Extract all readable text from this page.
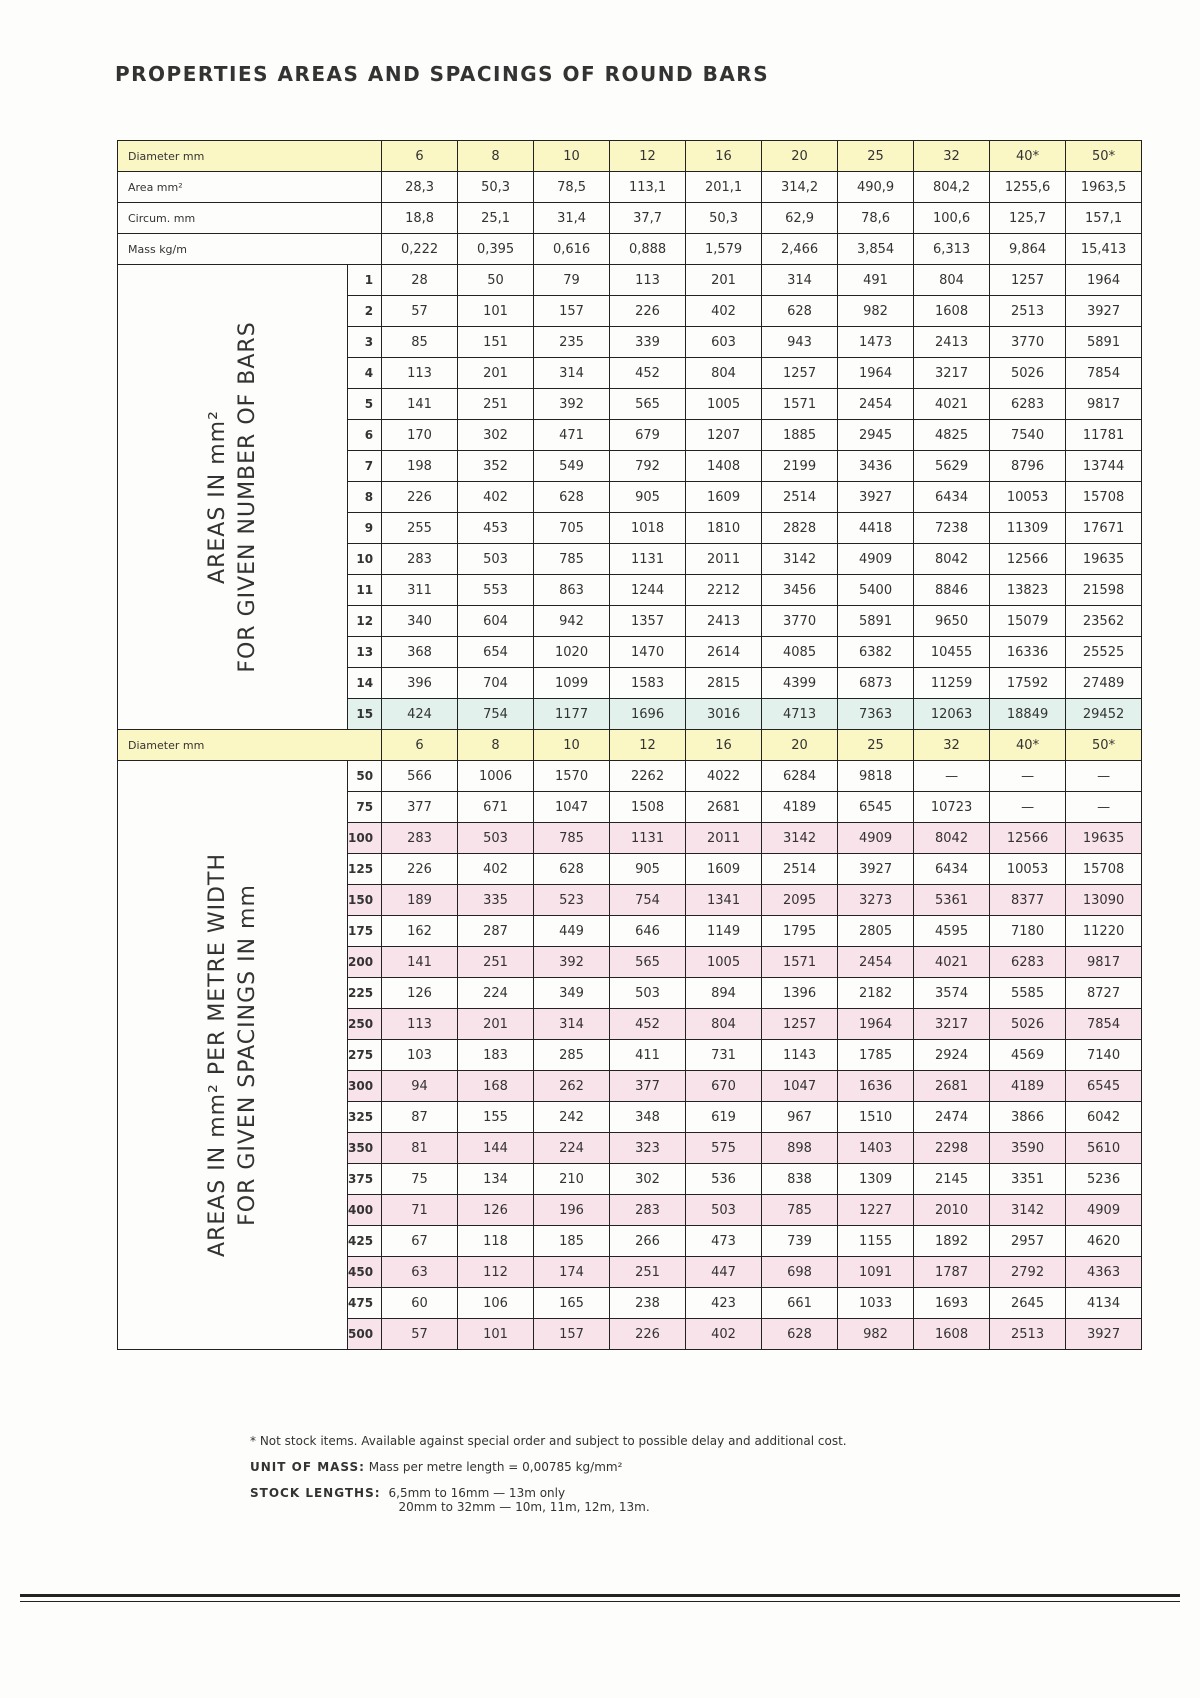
PROPERTIES AREAS AND SPACINGS OF ROUND BARS
Diameter mm		6	8	10	12	16	20	25	32	40*	50*
Area mm²		28,3	50,3	78,5	113,1	201,1	314,2	490,9	804,2	1255,6	1963,5
Circum. mm		18,8	25,1	31,4	37,7	50,3	62,9	78,6	100,6	125,7	157,1
Mass kg/m		0,222	0,395	0,616	0,888	1,579	2,466	3,854	6,313	9,864	15,413

AREAS IN mm² FOR GIVEN NUMBER OF BARS	1	28	50	79	113	201	314	491	804	1257	1964
	2	57	101	157	226	402	628	982	1608	2513	3927
	3	85	151	235	339	603	943	1473	2413	3770	5891
	4	113	201	314	452	804	1257	1964	3217	5026	7854
	5	141	251	392	565	1005	1571	2454	4021	6283	9817
	6	170	302	471	679	1207	1885	2945	4825	7540	11781
	7	198	352	549	792	1408	2199	3436	5629	8796	13744
	8	226	402	628	905	1609	2514	3927	6434	10053	15708
	9	255	453	705	1018	1810	2828	4418	7238	11309	17671
	10	283	503	785	1131	2011	3142	4909	8042	12566	19635
	11	311	553	863	1244	2212	3456	5400	8846	13823	21598
	12	340	604	942	1357	2413	3770	5891	9650	15079	23562
	13	368	654	1020	1470	2614	4085	6382	10455	16336	25525
	14	396	704	1099	1583	2815	4399	6873	11259	17592	27489
	15	424	754	1177	1696	3016	4713	7363	12063	18849	29452
Diameter mm		6	8	10	12	16	20	25	32	40*	50*

AREAS IN mm² PER METRE WIDTH FOR GIVEN SPACINGS IN mm	50	566	1006	1570	2262	4022	6284	9818	—	—	—
	75	377	671	1047	1508	2681	4189	6545	10723	—	—
	100	283	503	785	1131	2011	3142	4909	8042	12566	19635
	125	226	402	628	905	1609	2514	3927	6434	10053	15708
	150	189	335	523	754	1341	2095	3273	5361	8377	13090
	175	162	287	449	646	1149	1795	2805	4595	7180	11220
	200	141	251	392	565	1005	1571	2454	4021	6283	9817
	225	126	224	349	503	894	1396	2182	3574	5585	8727
	250	113	201	314	452	804	1257	1964	3217	5026	7854
	275	103	183	285	411	731	1143	1785	2924	4569	7140
	300	94	168	262	377	670	1047	1636	2681	4189	6545
	325	87	155	242	348	619	967	1510	2474	3866	6042
	350	81	144	224	323	575	898	1403	2298	3590	5610
	375	75	134	210	302	536	838	1309	2145	3351	5236
	400	71	126	196	283	503	785	1227	2010	3142	4909
	425	67	118	185	266	473	739	1155	1892	2957	4620
	450	63	112	174	251	447	698	1091	1787	2792	4363
	475	60	106	165	238	423	661	1033	1693	2645	4134
	500	57	101	157	226	402	628	982	1608	2513	3927
* Not stock items. Available against special order and subject to possible delay and additional cost.
UNIT OF MASS: Mass per metre length = 0,00785 kg/mm²
STOCK LENGTHS: 6,5mm to 16mm — 13m only
20mm to 32mm — 10m, 11m, 12m, 13m.
